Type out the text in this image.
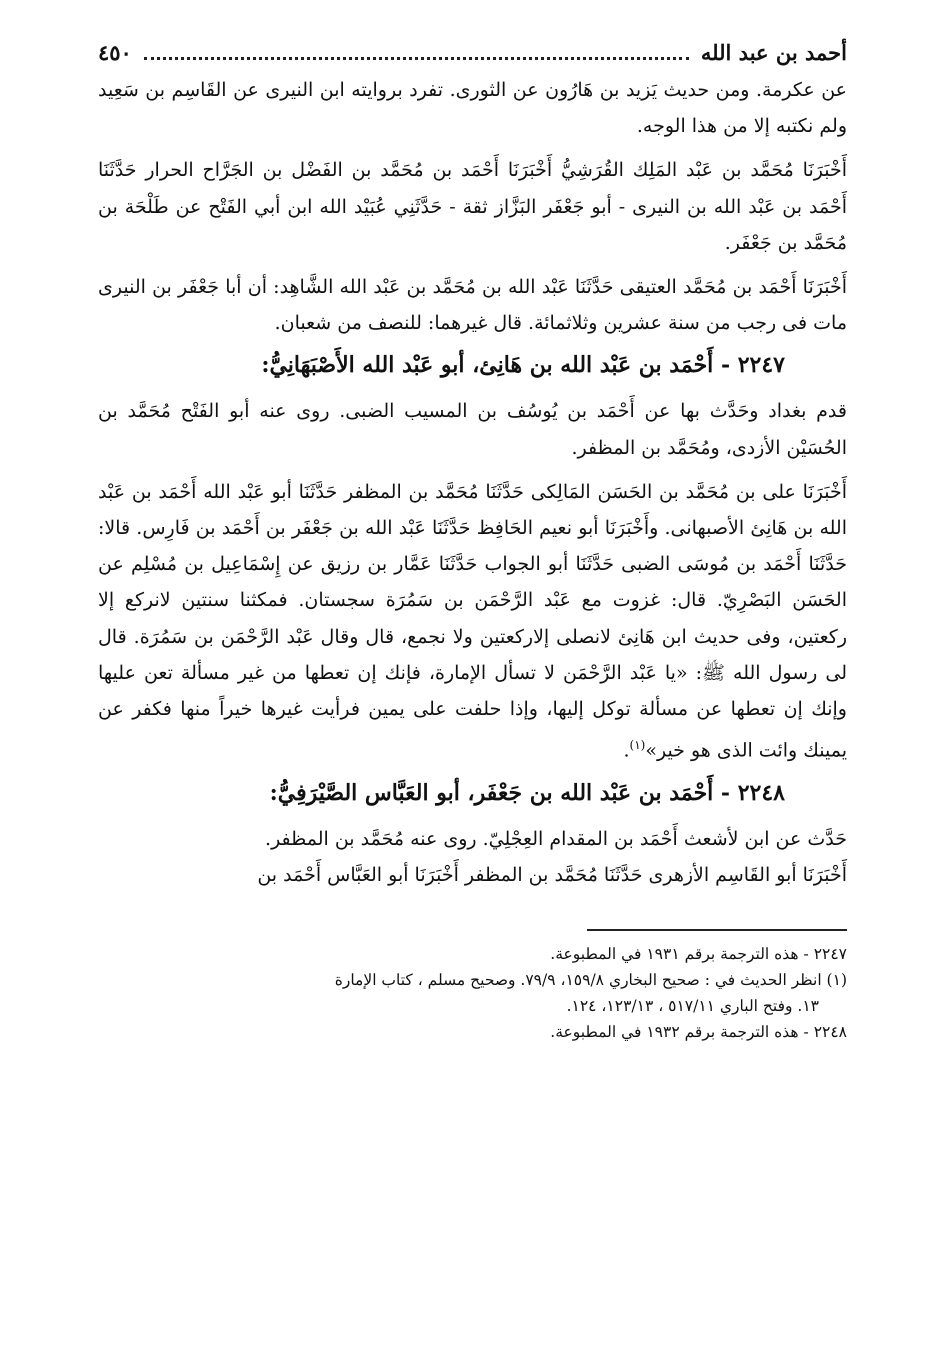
أحمد بن عبد الله
٤٥٠

عن عكرمة. ومن حديث يَزيد بن هَارُون عن الثورى. تفرد بروايته ابن النيرى عن القَاسِم بن سَعِيد ولم نكتبه إلا من هذا الوجه.

أَخْبَرَنَا مُحَمَّد بن عَبْد المَلِك القُرَشِيُّ أَخْبَرَنَا أَحْمَد بن مُحَمَّد بن الفَضْل بن الجَرَّاح الحرار حَدَّثَنَا أَحْمَد بن عَبْد الله بن النيرى - أبو جَعْفَر البَزَّاز ثقة - حَدَّثَنِي عُبَيْد الله ابن أبي الفَتْح عن طَلْحَة بن مُحَمَّد بن جَعْفَر.

أَخْبَرَنَا أَحْمَد بن مُحَمَّد العتيقى حَدَّثَنَا عَبْد الله بن مُحَمَّد بن عَبْد الله الشَّاهِد: أن أبا جَعْفَر بن النيرى مات فى رجب من سنة عشرين وثلاثمائة. قال غيرهما: للنصف من شعبان.

٢٢٤٧ - أَحْمَد بن عَبْد الله بن هَانِئ، أبو عَبْد الله الأَصْبَهَانِيُّ:

قدم بغداد وحَدَّث بها عن أَحْمَد بن يُوسُف بن المسيب الضبى. روى عنه أبو الفَتْح مُحَمَّد بن الحُسَيْن الأزدى، ومُحَمَّد بن المظفر.

أَخْبَرَنَا على بن مُحَمَّد بن الحَسَن المَالِكى حَدَّثَنَا مُحَمَّد بن المظفر حَدَّثَنَا أبو عَبْد الله أَحْمَد بن عَبْد الله بن هَانِئ الأصبهانى. وأَخْبَرَنَا أبو نعيم الحَافِظ حَدَّثَنَا عَبْد الله بن جَعْفَر بن أَحْمَد بن فَارِس. قالا: حَدَّثَنَا أَحْمَد بن مُوسَى الضبى حَدَّثَنَا أبو الجواب حَدَّثَنَا عَمَّار بن رزيق عن إِسْمَاعِيل بن مُسْلِم عن الحَسَن البَصْرِيّ. قال: غزوت مع عَبْد الرَّحْمَن بن سَمُرَة سجستان. فمكثنا سنتين لانركع إلا ركعتين، وفى حديث ابن هَانِئ لانصلى إلاركعتين ولا نجمع، قال وقال عَبْد الرَّحْمَن بن سَمُرَة. قال لى رسول الله ﷺ: «يا عَبْد الرَّحْمَن لا تسأل الإمارة، فإنك إن تعطها من غير مسألة تعن عليها وإنك إن تعطها عن مسألة توكل إليها، وإذا حلفت على يمين فرأيت غيرها خيراً منها فكفر عن يمينك وائت الذى هو خير»$^{(١)}$.

٢٢٤٨ - أَحْمَد بن عَبْد الله بن جَعْفَر، أبو العَبَّاس الصَّيْرَفِيُّ:

حَدَّث عن ابن لأشعث أَحْمَد بن المقدام العِجْلِيّ. روى عنه مُحَمَّد بن المظفر.

أَخْبَرَنَا أبو القَاسِم الأزهرى حَدَّثَنَا مُحَمَّد بن المظفر أَخْبَرَنَا أبو العَبَّاس أَحْمَد بن

٢٢٤٧ - هذه الترجمة برقم ١٩٣١ في المطبوعة.

(١) انظر الحديث في : صحيح البخاري ١٥٩/٨، ٧٩/٩. وصحيح مسلم ، كتاب الإمارة

١٣. وفتح الباري ٥١٧/١١ ، ١٢٣/١٣، ١٢٤.

٢٢٤٨ - هذه الترجمة برقم ١٩٣٢ في المطبوعة.
